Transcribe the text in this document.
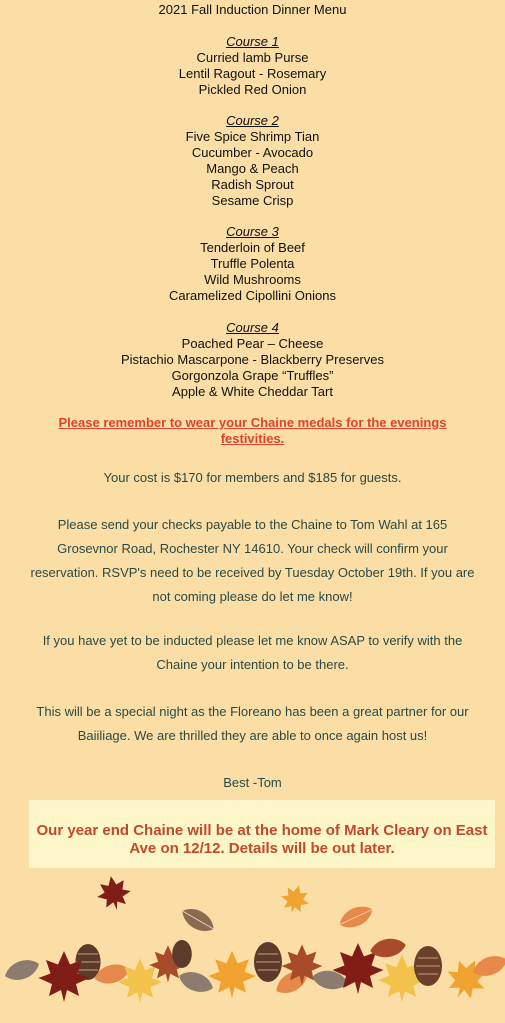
2021 Fall Induction Dinner Menu
Course 1
Curried lamb Purse
Lentil Ragout - Rosemary
Pickled Red Onion
Course 2
Five Spice Shrimp Tian
Cucumber - Avocado
Mango & Peach
Radish Sprout
Sesame Crisp
Course 3
Tenderloin of Beef
Truffle Polenta
Wild Mushrooms
Caramelized Cipollini Onions
Course 4
Poached Pear – Cheese
Pistachio Mascarpone - Blackberry Preserves
Gorgonzola Grape “Truffles”
Apple & White Cheddar Tart
Please remember to wear your Chaine medals for the evenings festivities.
Your cost is $170 for members and $185 for guests.
Please send your checks payable to the Chaine to Tom Wahl at 165 Grosevnor Road, Rochester NY 14610. Your check will confirm your reservation. RSVP's need to be received by Tuesday October 19th. If you are not coming please do let me know!
If you have yet to be inducted please let me know ASAP to verify with the Chaine your intention to be there.
This will be a special night as the Floreano has been a great partner for our Baiiliage. We are thrilled they are able to once again host us!
Best -Tom
Our year end Chaine will be at the home of Mark Cleary on East Ave on 12/12. Details will be out later.
